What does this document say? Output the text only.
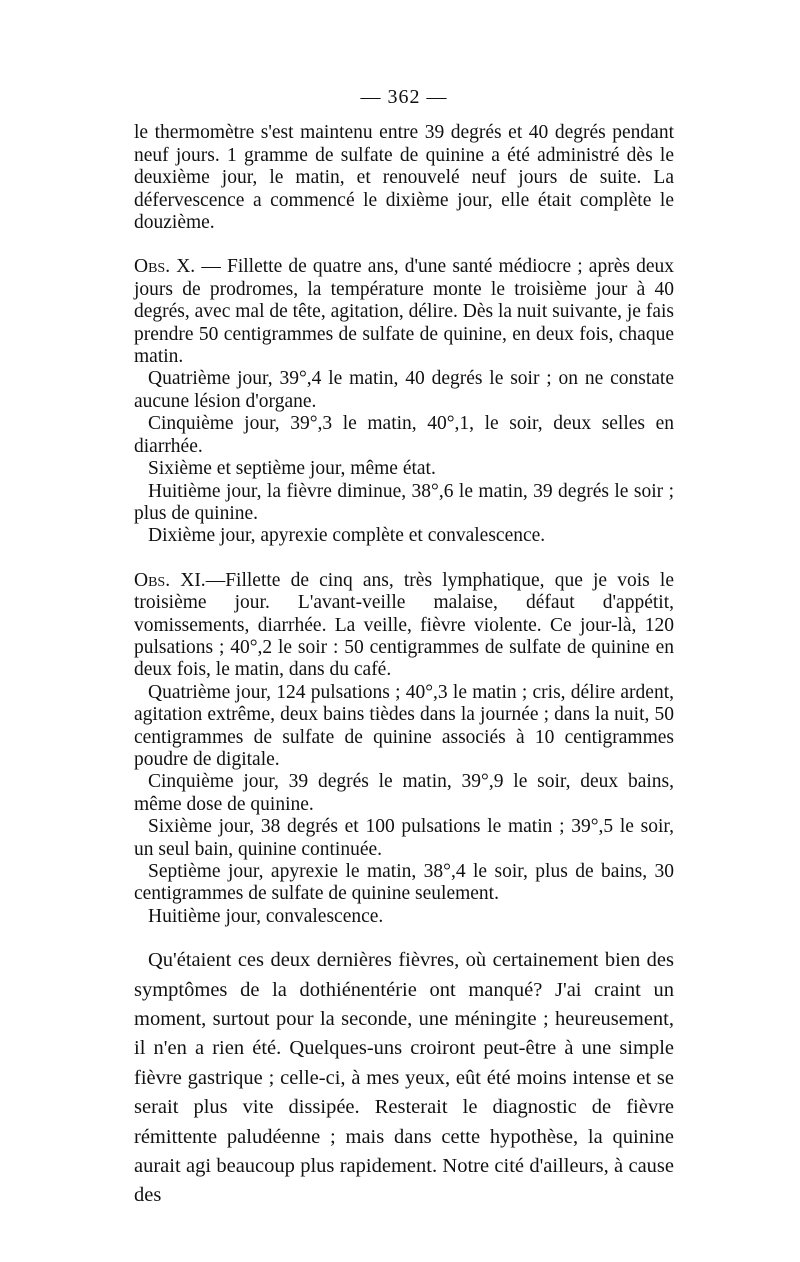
— 362 —

le thermomètre s'est maintenu entre 39 degrés et 40 degrés pendant neuf jours. 1 gramme de sulfate de quinine a été administré dès le deuxième jour, le matin, et renouvelé neuf jours de suite. La défervescence a commencé le dixième jour, elle était complète le douzième.

Obs. X. — Fillette de quatre ans, d'une santé médiocre ; après deux jours de prodromes, la température monte le troisième jour à 40 degrés, avec mal de tête, agitation, délire. Dès la nuit suivante, je fais prendre 50 centigrammes de sulfate de quinine, en deux fois, chaque matin.

Quatrième jour, 39°,4 le matin, 40 degrés le soir ; on ne constate aucune lésion d'organe.

Cinquième jour, 39°,3 le matin, 40°,1, le soir, deux selles en diarrhée.

Sixième et septième jour, même état.

Huitième jour, la fièvre diminue, 38°,6 le matin, 39 degrés le soir ; plus de quinine.

Dixième jour, apyrexie complète et convalescence.

Obs. XI.—Fillette de cinq ans, très lymphatique, que je vois le troisième jour. L'avant-veille malaise, défaut d'appétit, vomissements, diarrhée. La veille, fièvre violente. Ce jour-là, 120 pulsations ; 40°,2 le soir : 50 centigrammes de sulfate de quinine en deux fois, le matin, dans du café.

Quatrième jour, 124 pulsations ; 40°,3 le matin ; cris, délire ardent, agitation extrême, deux bains tièdes dans la journée ; dans la nuit, 50 centigrammes de sulfate de quinine associés à 10 centigrammes poudre de digitale.

Cinquième jour, 39 degrés le matin, 39°,9 le soir, deux bains, même dose de quinine.

Sixième jour, 38 degrés et 100 pulsations le matin ; 39°,5 le soir, un seul bain, quinine continuée.

Septième jour, apyrexie le matin, 38°,4 le soir, plus de bains, 30 centigrammes de sulfate de quinine seulement.

Huitième jour, convalescence.

Qu'étaient ces deux dernières fièvres, où certainement bien des symptômes de la dothiénentérie ont manqué? J'ai craint un moment, surtout pour la seconde, une méningite ; heureusement, il n'en a rien été. Quelques-uns croiront peut-être à une simple fièvre gastrique ; celle-ci, à mes yeux, eût été moins intense et se serait plus vite dissipée. Resterait le diagnostic de fièvre rémittente paludéenne ; mais dans cette hypothèse, la quinine aurait agi beaucoup plus rapidement. Notre cité d'ailleurs, à cause des
